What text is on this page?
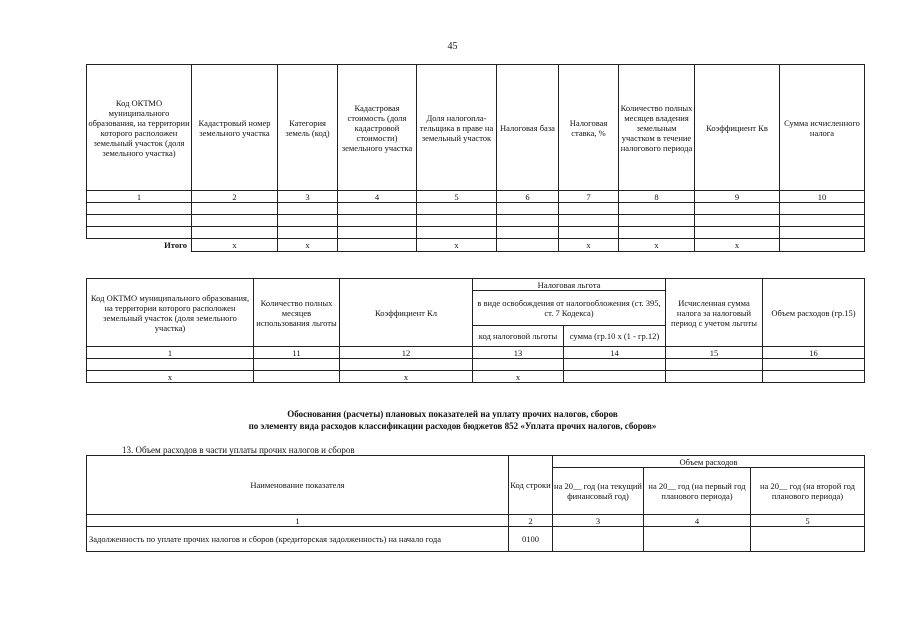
45
Код ОКТМО муниципального образования, на территории которого расположен земельный участок (доля земельного участка)	Кадастровый номер земельного участка	Категория земель (код)	Кадастровая стоимость (доля кадастровой стоимости) земельного участка	Доля налогопла-тельщика в праве на земельный участок	Налоговая база	Налоговая ставка, %	Количество полных месяцев владения земельным участком в течение налогового периода	Коэффициент Кв	Сумма исчисленного налога
1	2	3	4	5	6	7	8	9	10

Итого	x	x		x		x	x	x	
Код ОКТМО муниципального образования, на территории которого расположен земельный участок (доля земельного участка)	Количество полных месяцев использования льготы	Коэффициент Кл	Налоговая льгота		Исчисленная сумма налога за налоговый период с учетом льготы	Объем расходов (гр.15)
			в виде освобождения от налогообложения (ст. 395, ст. 7 Кодекса)			
			код налоговой льготы	сумма (гр.10 х (1 - гр.12)		
1	11	12	13	14	15	16

x		x	x			
Обоснования (расчеты) плановых показателей на уплату прочих налогов, сборов
по элементу вида расходов классификации расходов бюджетов 852 «Уплата прочих налогов, сборов»
13. Объем расходов в части уплаты прочих налогов и сборов
Наименование показателя	Код строки	Объем расходов		
		на 20__ год (на текущий финансовый год)	на 20__ год (на первый год планового периода)	на 20__ год (на второй год планового периода)
1	2	3	4	5
Задолженность по уплате прочих налогов и сборов (кредиторская задолженность) на начало года	0100			
